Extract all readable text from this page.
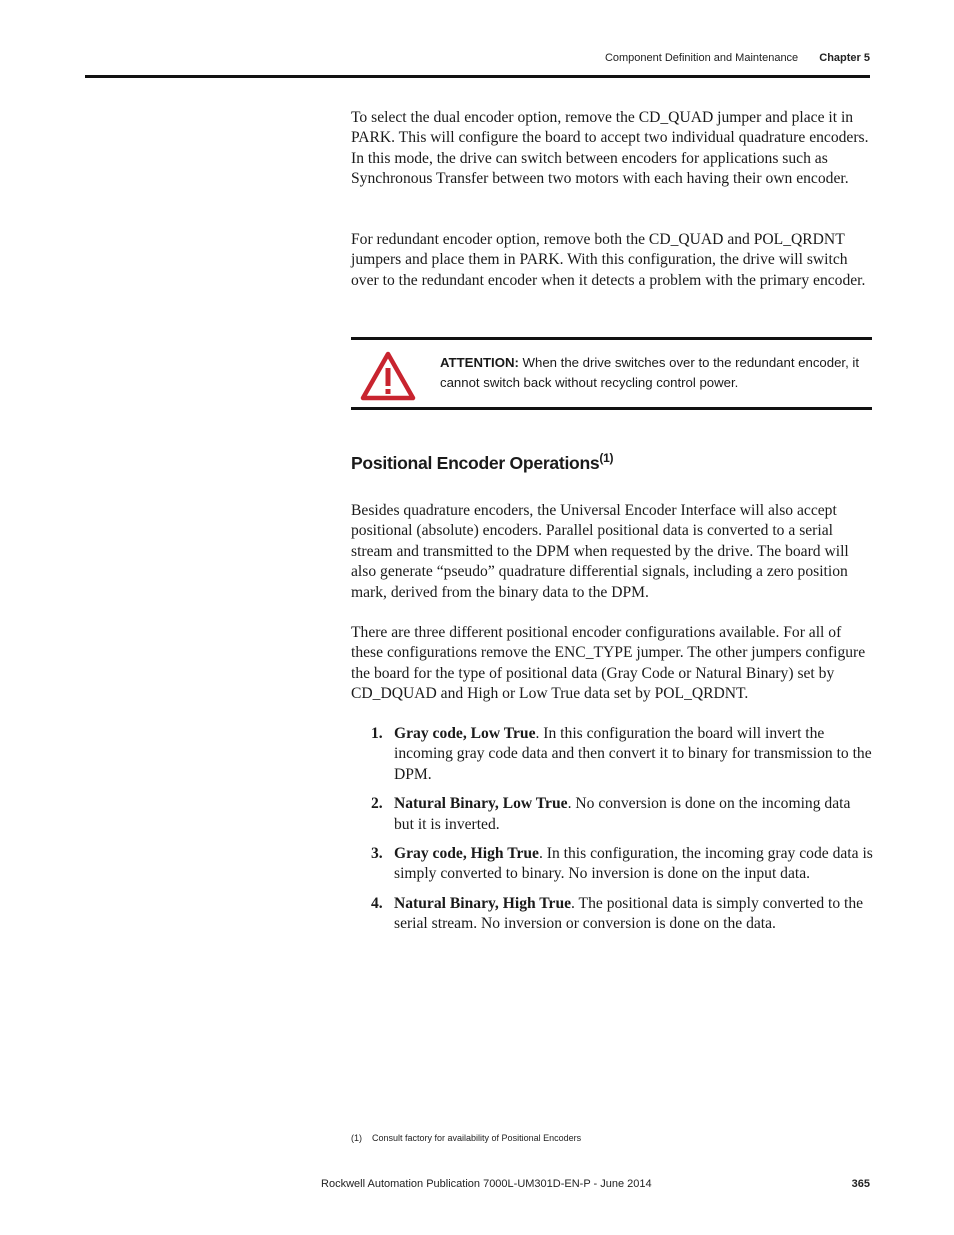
Component Definition and Maintenance Chapter 5

To select the dual encoder option, remove the CD_QUAD jumper and place it in PARK. This will configure the board to accept two individual quadrature encoders. In this mode, the drive can switch between encoders for applications such as Synchronous Transfer between two motors with each having their own encoder.

For redundant encoder option, remove both the CD_QUAD and POL_QRDNT jumpers and place them in PARK. With this configuration, the drive will switch over to the redundant encoder when it detects a problem with the primary encoder.

ATTENTION: When the drive switches over to the redundant encoder, it cannot switch back without recycling control power.
Positional Encoder Operations$^{(1)}$

Besides quadrature encoders, the Universal Encoder Interface will also accept positional (absolute) encoders. Parallel positional data is converted to a serial stream and transmitted to the DPM when requested by the drive. The board will also generate “pseudo” quadrature differential signals, including a zero position mark, derived from the binary data to the DPM.

There are three different positional encoder configurations available. For all of these configurations remove the ENC_TYPE jumper. The other jumpers configure the board for the type of positional data (Gray Code or Natural Binary) set by CD_DQUAD and High or Low True data set by POL_QRDNT.

1. Gray code, Low True. In this configuration the board will invert the incoming gray code data and then convert it to binary for transmission to the DPM.
2. Natural Binary, Low True. No conversion is done on the incoming data but it is inverted.
3. Gray code, High True. In this configuration, the incoming gray code data is simply converted to binary. No inversion is done on the input data.
4. Natural Binary, High True. The positional data is simply converted to the serial stream. No inversion or conversion is done on the data.
(1) Consult factory for availability of Positional Encoders
Rockwell Automation Publication 7000L-UM301D-EN-P - June 2014	365
